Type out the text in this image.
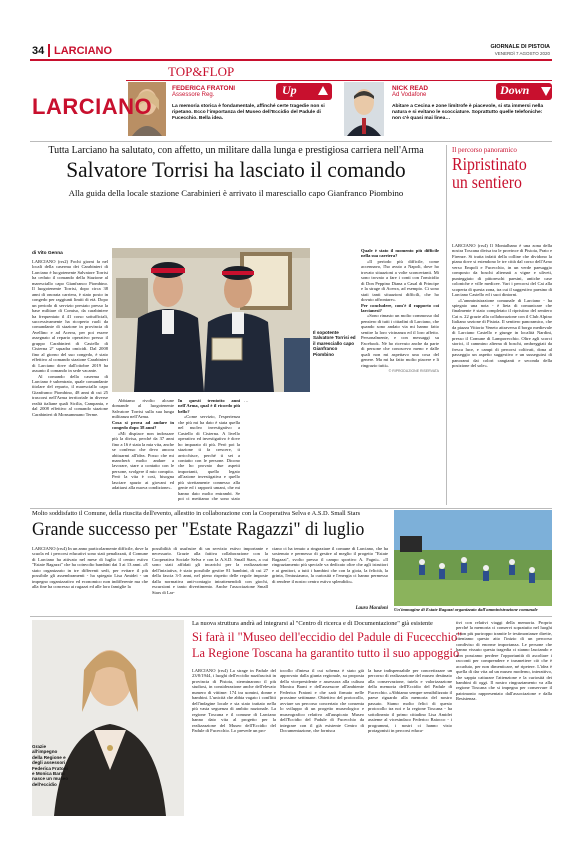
34 LARCIANO	GIORNALE DI PISTOIA
VENERDÌ 7 AGOSTO 2020
TOP&FLOP
FEDERICA FRATONI
Assessore Reg.	Up
La memoria storica è fondamentale, affinché certe tragedie non si ripetano. Ecco l'importanza del Museo dell'Eccidio del Padule di Fucecchio. Bella idea.
NICK READ
Ad Vodafone	Down
Abitare a Cecina e zone limitrofe è piacevole, si sta immersi nella natura e si evitano le scocciature. Soprattutto quelle telefoniche: non c'è quasi mai linea…
LARCIANO
Tutta Larciano ha salutato, con affetto, un militare dalla lunga e prestigiosa carriera nell'Arma
Salvatore Torrisi ha lasciato il comando
Alla guida della locale stazione Carabinieri è arrivato il maresciallo capo Gianfranco Piombino
di Vito Genna

LARCIANO (rrs2) Fochi giorni fa nel locali della caserma dei Carabinieri di Larciano è lucgotenente Salvatore Torrisi ha ceduto il comando della Stazione al maresciallo capo Gianfranco Piombino. Il luogotenente Torrisi, dopo circa 38 anni di onorata carriera, è stato posto in congedo per raggiunti limiti di età. Dopo un periodo di servizio prestato presso la base militare di Comiso, da carabiniere ha frequentato il 41 corso sottufficiali, successivamente ha ricoperto ruoli da comandante di stazione in provincia di Avellino e ad Acerra, per poi essere assegnato al reparto operativo presso il gruppo Carabinieri di Castello di Cisterna 2° squadra omicidi. Dal 2008 fino al giorno del suo congedo, è stato effettivo al comando stazione Carabinieri di Larciano dove dall'ottobre 2019 ha assunto il comando in sede vacante.

Al comando della caserma di Larciano è subentrato, quale comandante titolare del reparto, il maresciallo capo Gianfranco Piombino, 48 anni di cui 25 trascorsi nell'Arma territoriale in diverse realtà italiane quali Sicilia, Campania, e dal 2008 effettivo al comando stazione Carabinieri di Monsummano Terme.

Il sopotente Salvatore Torrisi ed il maresciallo capo Gianfranco Piombino

Abbiamo rivolto alcune domande al luogotenente Salvatore Torrisi sulla sua lunga militanza nell'Arma.

Cosa si prova ad andare in congedo dopo 38 anni?

«Mi dispiace non indossare più la divisa, perché da 37 anni fino a 16 è stata la mia vita, anche se confesso che devo ancora abituarmi all'idea. Posso che mi mancherà molto andare a lavorare, stare a contatto con le persone, svolgere il mio compito. Però la vita è così, bisogna lasciare spazio ai giovani ed adattarsi alla nuova condizione».

In questi trentotto anni nell'Arma, qual è il ricordo più bello?

«Come servizio, l'esperienza che più mi ha dato è stata quella nel nucleo investigativo a Castello di Cisterna. A livello operativo ed investigativo è dove ho imparato di più. Però poi la stazione ti fa crescere, ti arricchisce, perché ti sei a contatto con le persone. Dicono che ho provato due aspetti importanti, quello legato all'azione investigativa e quello più strettamente connesso alla gente ed i rapporti umani, che mi hanno dato molto entrambi. Se poi ci mettiamo che sono stato

…

Quale è stato il momento più difficile nella sua carriera?

«Il periodo più difficile, come accennavo, l'ho avuto a Napoli, dove ho trovato situazioni a volte sconcertanti. Mi sono trovato a fare i conti con l'omicidio di Don Peppino Diana a Casal di Principe e la strage di Acerra, ad esempio. Ci sono stati tanti situazioni difficili, che ho dovuto affrontare».

Per concludere, com'è il rapporto coi larcianesi?

«Sono rimasto un molto commosso dal pensiero di tutti i cittadini di Larciano, che quando sono andato via mi hanno fatto sentire la loro vicinanza ed il loro affetto. Personalmente, e con messaggi su Facebook. Nè ho ricevuto anche da parte di persone che conoscevo meno e dalle quali non mi aspettavo una cosa del genere. Ma mi ha fatto molto piacere e li ringrazio tutti».

© RIPRODUZIONE RISERVATA
Il percorso panoramico
Ripristinato un sentiero

LARCIANO (rrs4) Il Montalbano è una zona della nostra Toscana divisa tra le province di Pistoia, Prato e Firenze. Si tratta infatti della colline che dividono la piana dove si estendono le tre città dal corso dell'Arno verso Empoli e Fucecchio, in un verde paesaggio composto da boschi alternati a vigne e uliveti, punteggiato di pittoreschi paesini, antiche case coloniche e ville medicee. Vari i percorsi del Cai alla scoperta di questa zona, tra cui il suggestivo paesino di Larciano Castello ed i suoi dintorni.

«L'amministrazione comunale di Larciano - ha spiegato una nota - è lieta di comunicare che finalmente è stato completato il ripristino del sentiero Cai n. 22 grazie alla collaborazione con il Club Alpino Italiano sezione di Pistoia. Il sentiero panoramico, che da piazza Vittorio Veneto attraversa il borgo medievale di Larciano Castello e giunge in località Nardini, presso il Comune di Lamporecchio. Oltre agli scorci storici, il cammino alterna di boschi, ombreggiati da fresca luce, e campi di percorsi coltivati, dona al passeggio un aspetto suggestivo e un susseguirsi di panorami dai colori cangianti e seconda della posizione del sole».

Molto soddisfatto il Comune, della riuscita dell'evento, allestito in collaborazione con la Cooperativa Selva e A.S.D. Small Stars
Grande successo per "Estate Ragazzi" di luglio

LARCIANO (rrs4) In un anno particolarmente difficile, dove la scuola ed i percorsi educativi sono stati penalizzati, il Comune di Larciano ha attivato nel mese di luglio il centro estivo "Estate Ragazzi" che ha coinvolto bambini dai 3 ai 13 anni. «E stato organizzato in tre differenti sedi, per evitare il più possibile gli assembramenti - ha spiegato Lisa Amidei - un impegno organizzativo ed economico non indifferente ma che alla fine ha concesso ai ragazzi ed alle loro famiglie la

possibilità di usufruire di un servizio estivo importante e necessario. Grazie alla fattiva collaborazione con la Cooperativa Sociale Selva e con la A.S.D. Small Stars, a cui sono stati affidati gli incarichi per la realizzazione dell'iniziativa, è stato possibile gestire 81 bambini, di cui 27 della fascia 3-5 anni, nel pieno rispetto delle regole imposte dalla normativa anti-contagio intrattenendoli con giochi, escursioni e tanto divertimento. Anche l'associazione Small Stars di Lar-

ciano ci ha tenuto a ringraziare il comune di Larciano, che ha sostenuto e permesso di gestire al meglio il progetto "Estate Ragazzi", svolto presso il campo sportivo A. Fagni». «Il ringraziamento più speciale va dedicato oltre che agli istruttori e ai genitori, a tutti i bambini che con la gioia, la felicità, la grinta, l'entusiasmo, la curiosità e l'energia ci hanno permesso di rendere il nostro centro estivo splendido».

Laura Macaloni Un'immagine di Estate Ragazzi organizzato dall'amministrazione comunale
Grazie all'impegno della Regione e degli assessori Federica Fratoni e Monica Barni nasce un museo dell'eccidio
La nuova struttura andrà ad integrarsi al "Centro di ricerca e di Documentazione" già esistente
Si farà il "Museo dell'eccidio del Padule di Fucecchio"
La Regione Toscana ha garantito tutto il suo appoggio

LARCIANO (rrs4) La strage in Padule del 23/8/1944, i luoghi dell'eccidio nazifascisti in provincia di Pistoia, sterminarono il più studiosi, in considerazione anche dell'elevato numero di vittime: 174 tra uomini, donne e bambini. L'unicità che abbia vagato i conflitti dell'indagine locale e sia stato trattato nella più vasta seguenza di ambito nazionale. La regione Toscana e il comune di Larciano hanno dato vita al progetto per la realizzazione del Museo dell'Eccidio del Padule di Fucecchio. Lo prevede un pro-

tocollo d'intesa il cui schema è stato già approvato dalla giunta regionale, su proposta della vicepresidente e assessora alla cultura Monica Barni e dell'assessore all'ambiente Federica Fratoni e che sarà firmato nelle prossime settimane. Obiettivo del protocollo, avviare un percorso concertato che consenta lo sviluppo di un progetto museologico e museografico relativo all'auspicato Museo dell'Eccidio del Padule di Fucecchio da integrare con il già esistente Centro di Documentazione, che fornisca

la base indispensabile per concretizzare un percorso di realizzazione del museo destinato alla conservazione, tutela e valorizzazione della memoria dell'Eccidio del Padule di Fucecchio. «Abbiamo sempre sensibilizzato il paese riguardo alla memoria del nostro passato. Siamo molto felici di questo protocollo tra noi e la regione Toscana - ha sottolineato il primo cittadino Lisa Amidei assieme al vicesindaco Federico Baiocco - i programmi, i nostri ci hanno visto protagonisti in percorsi educa-

tivi con relativi viaggi della memoria. Proprio perché la memoria ci conservi sopratutto nel luoghi e non più purtroppo tramite le testimonianze dirette, riteniamo questo atto l'inizio di un percorso condiviso di enorme importanza. Le persone che hanno vissuto questa tragedia ci stanno lasciando e non possiamo perdere l'opportunità di ascoltare i racconti per comprendere e trasmettere ciò che è accaduto, per non dimenticare, né ripetere. L'idea è quella di dar vita ad un museo moderno, interattivo, che sappia catturare l'attenzione e la curiosità dei bambini di oggi. Il nostro ringraziamento va alla regione Toscana che si impegna per conservare il patrimonio rappresentato dall'associazione e dalla Resistenza.
